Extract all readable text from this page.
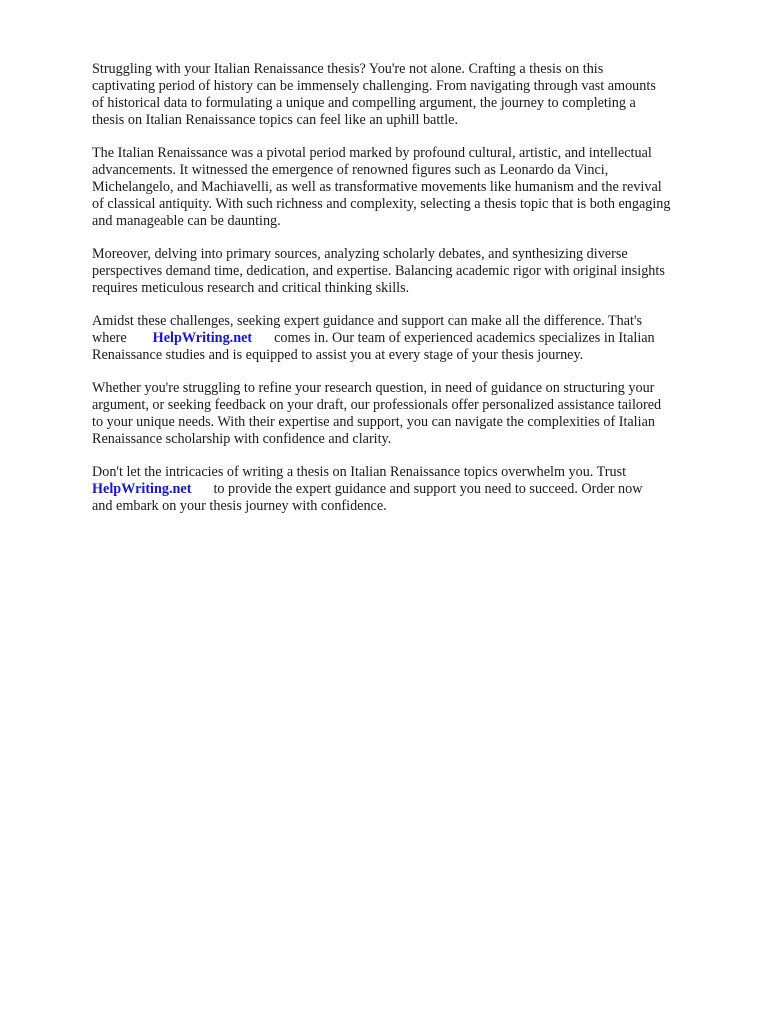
Struggling with your Italian Renaissance thesis? You're not alone. Crafting a thesis on this
captivating period of history can be immensely challenging. From navigating through vast amounts
of historical data to formulating a unique and compelling argument, the journey to completing a
thesis on Italian Renaissance topics can feel like an uphill battle.

The Italian Renaissance was a pivotal period marked by profound cultural, artistic, and intellectual
advancements. It witnessed the emergence of renowned figures such as Leonardo da Vinci,
Michelangelo, and Machiavelli, as well as transformative movements like humanism and the revival
of classical antiquity. With such richness and complexity, selecting a thesis topic that is both engaging
and manageable can be daunting.

Moreover, delving into primary sources, analyzing scholarly debates, and synthesizing diverse
perspectives demand time, dedication, and expertise. Balancing academic rigor with original insights
requires meticulous research and critical thinking skills.

Amidst these challenges, seeking expert guidance and support can make all the difference. That's
where HelpWriting.net comes in. Our team of experienced academics specializes in Italian
Renaissance studies and is equipped to assist you at every stage of your thesis journey.

Whether you're struggling to refine your research question, in need of guidance on structuring your
argument, or seeking feedback on your draft, our professionals offer personalized assistance tailored
to your unique needs. With their expertise and support, you can navigate the complexities of Italian
Renaissance scholarship with confidence and clarity.

Don't let the intricacies of writing a thesis on Italian Renaissance topics overwhelm you. Trust
HelpWriting.net to provide the expert guidance and support you need to succeed. Order now
and embark on your thesis journey with confidence.
